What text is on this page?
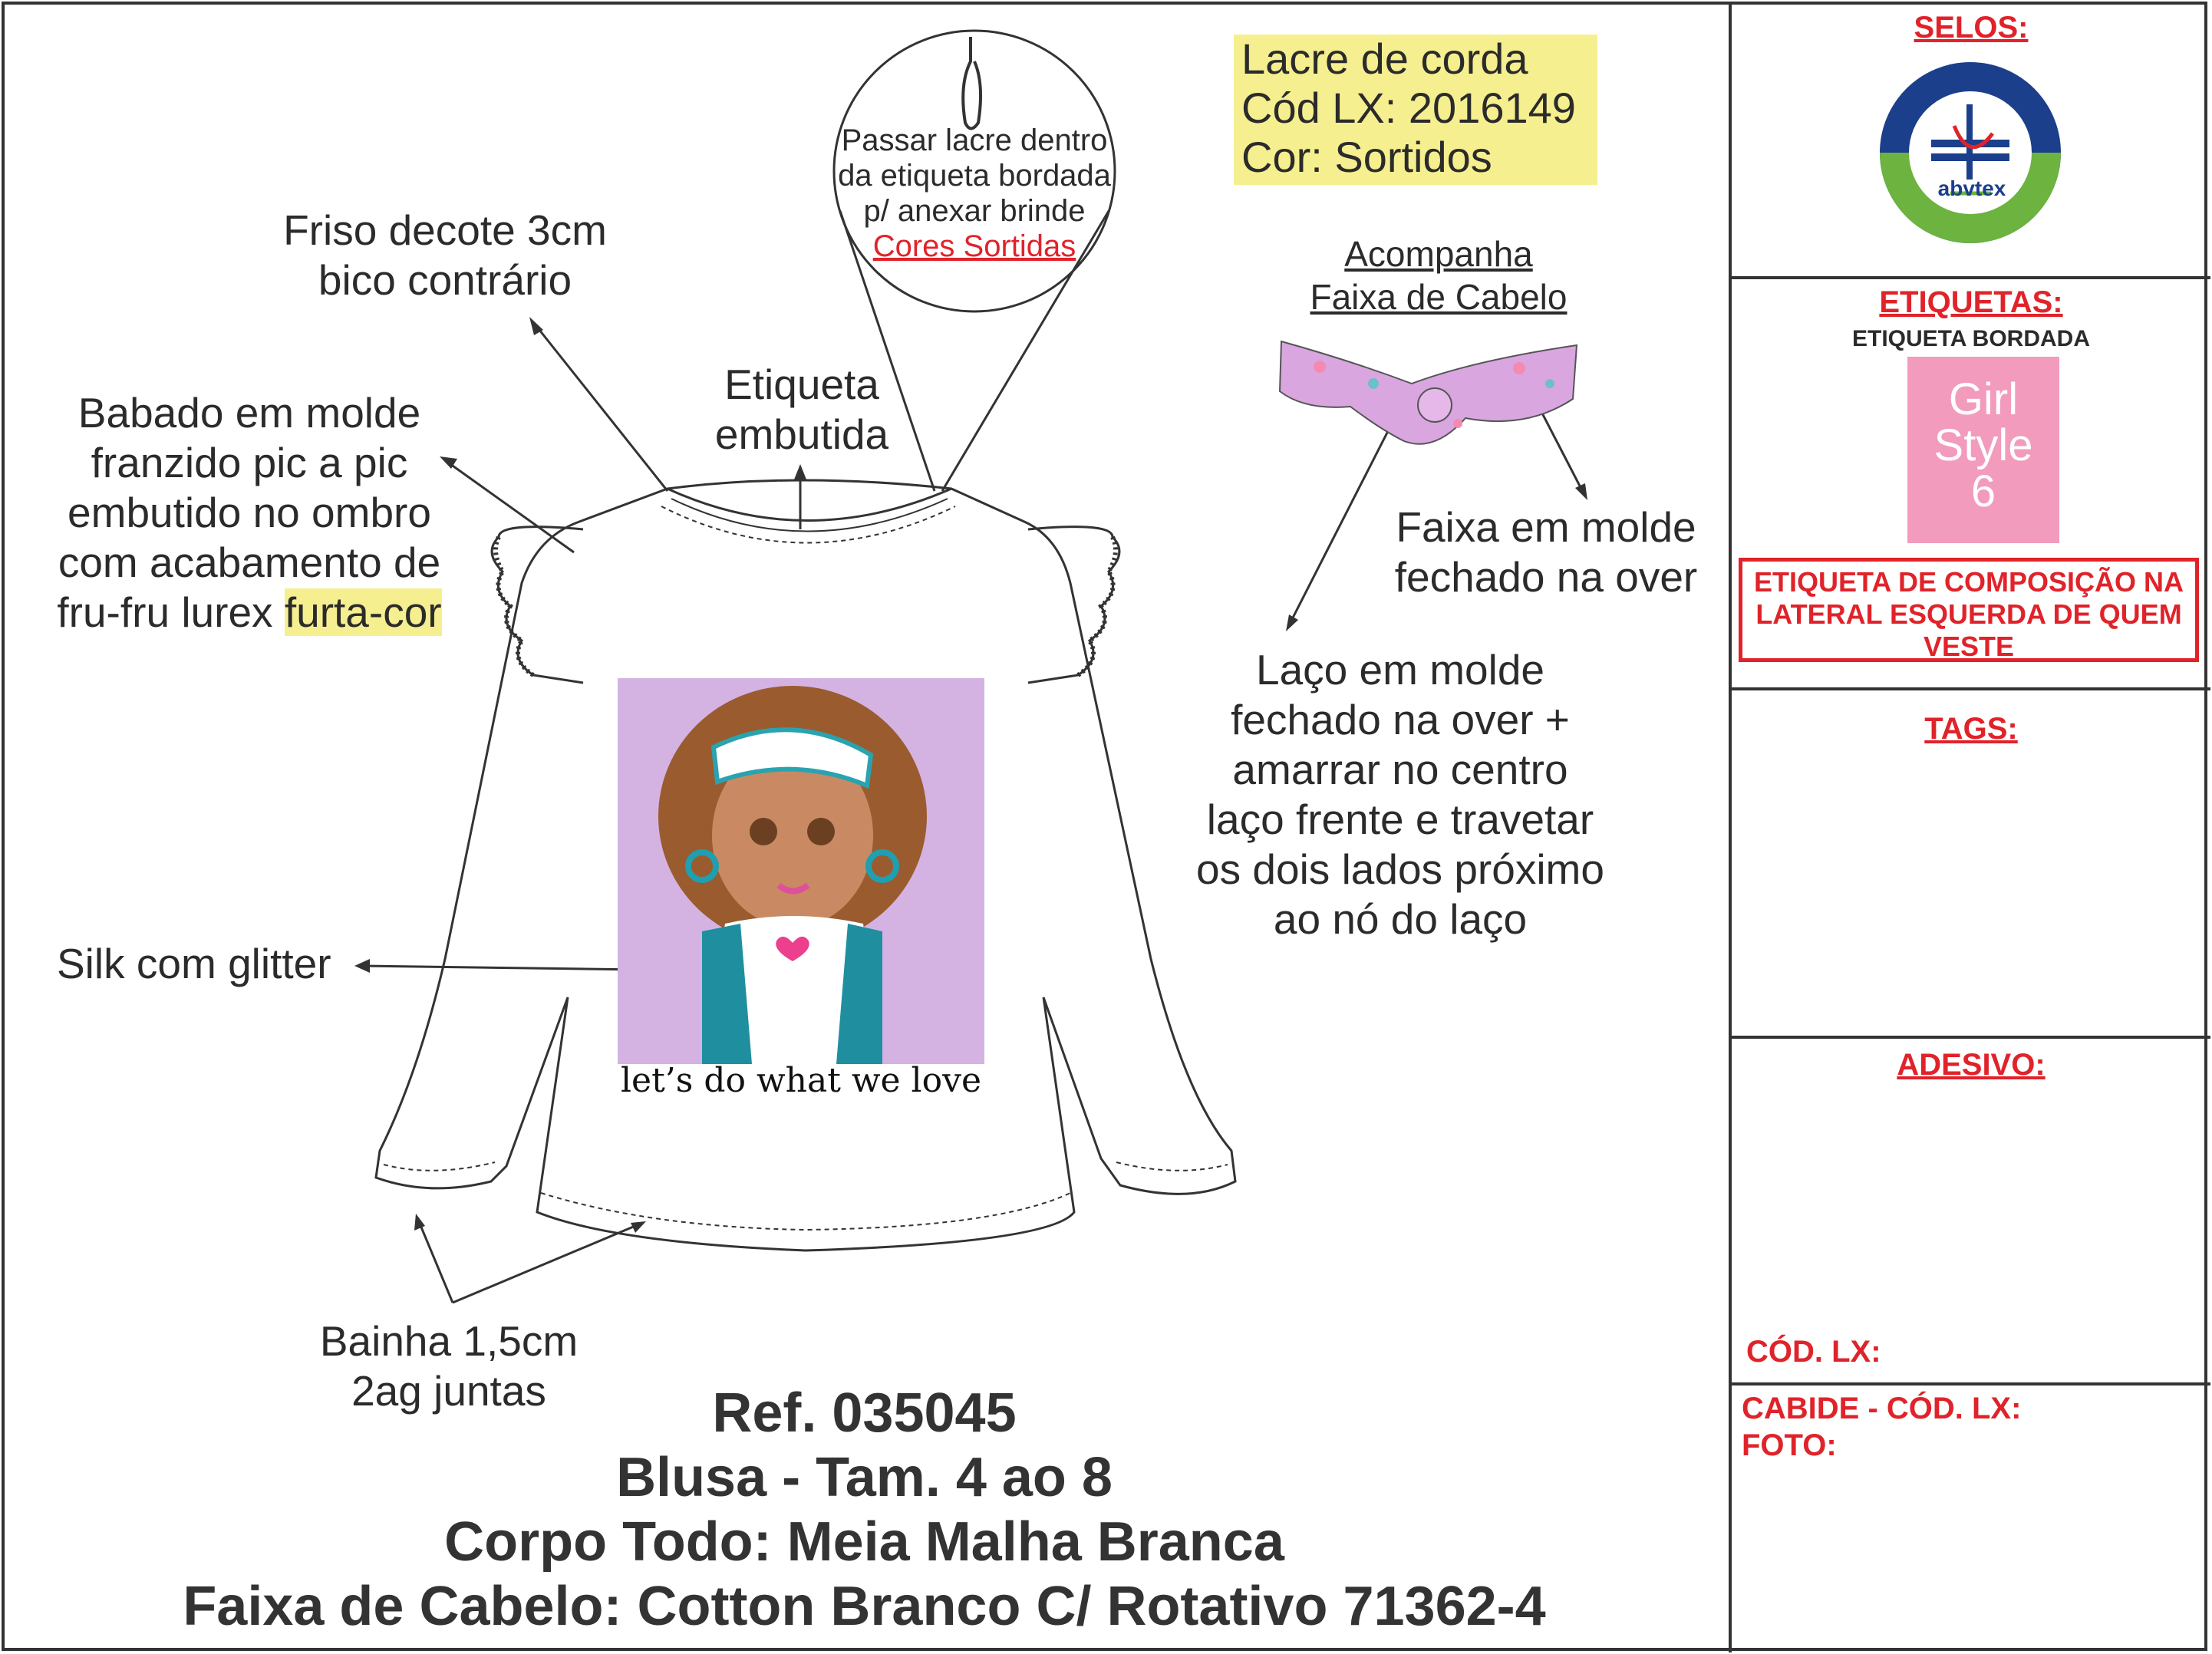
let’s do what we love
Friso decote 3cm
bico contrário
Etiqueta
embutida
Passar lacre dentro
da etiqueta bordada
p/ anexar brinde
Cores Sortidas
Babado em molde
franzido pic a pic
embutido no ombro
com acabamento de
fru-fru lurex furta-cor
Silk com glitter
Bainha 1,5cm
2ag juntas
Acompanha
Faixa de Cabelo
Faixa em molde
fechado na over
Laço em molde
fechado na over +
amarrar no centro
laço frente e travetar
os dois lados próximo
ao nó do laço
Lacre de corda
Cód LX: 2016149
Cor: Sortidos
Ref. 035045
Blusa - Tam. 4 ao 8
Corpo Todo: Meia Malha Branca
Faixa de Cabelo: Cotton Branco C/ Rotativo 71362-4
SELOS:
abvtex
ETIQUETAS:
ETIQUETA BORDADA
Girl
Style
6
ETIQUETA DE COMPOSIÇÃO NA
LATERAL ESQUERDA DE QUEM
VESTE
TAGS:
ADESIVO:
CÓD. LX:
CABIDE - CÓD. LX:
FOTO:
